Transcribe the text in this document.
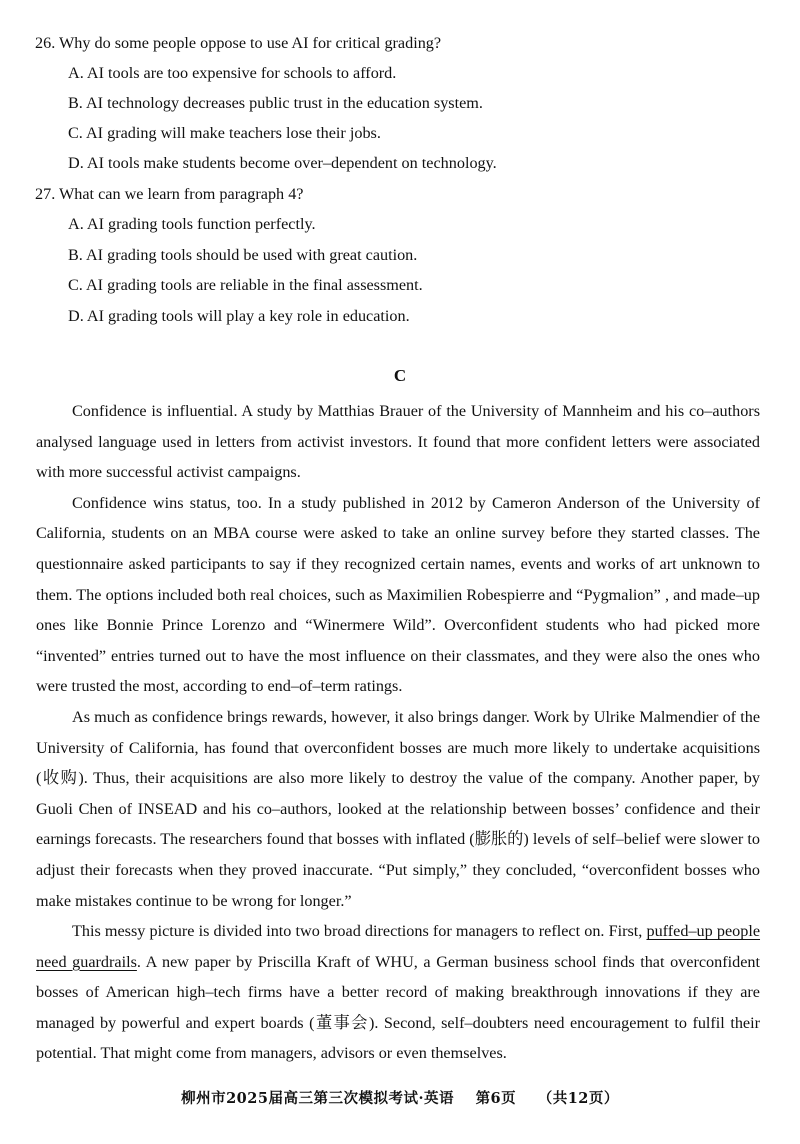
26. Why do some people oppose to use AI for critical grading?
A. AI tools are too expensive for schools to afford.
B. AI technology decreases public trust in the education system.
C. AI grading will make teachers lose their jobs.
D. AI tools make students become over–dependent on technology.
27. What can we learn from paragraph 4?
A. AI grading tools function perfectly.
B. AI grading tools should be used with great caution.
C. AI grading tools are reliable in the final assessment.
D. AI grading tools will play a key role in education.
C

Confidence is influential. A study by Matthias Brauer of the University of Mannheim and his co–authors analysed language used in letters from activist investors. It found that more confident letters were associated with more successful activist campaigns.

Confidence wins status, too. In a study published in 2012 by Cameron Anderson of the University of California, students on an MBA course were asked to take an online survey before they started classes. The questionnaire asked participants to say if they recognized certain names, events and works of art unknown to them. The options included both real choices, such as Maximilien Robespierre and “Pygmalion” , and made–up ones like Bonnie Prince Lorenzo and “Winermere Wild”. Overconfident students who had picked more “invented” entries turned out to have the most influence on their classmates, and they were also the ones who were trusted the most, according to end–of–term ratings.

As much as confidence brings rewards, however, it also brings danger. Work by Ulrike Malmendier of the University of California, has found that overconfident bosses are much more likely to undertake acquisitions (收购). Thus, their acquisitions are also more likely to destroy the value of the company. Another paper, by Guoli Chen of INSEAD and his co–authors, looked at the relationship between bosses’ confidence and their earnings forecasts. The researchers found that bosses with inflated (膨胀的) levels of self–belief were slower to adjust their forecasts when they proved inaccurate. “Put simply,” they concluded, “overconfident bosses who make mistakes continue to be wrong for longer.”

This messy picture is divided into two broad directions for managers to reflect on. First, puffed–up people need guardrails. A new paper by Priscilla Kraft of WHU, a German business school finds that overconfident bosses of American high–tech firms have a better record of making breakthrough innovations if they are managed by powerful and expert boards (董事会). Second, self–doubters need encouragement to fulfil their potential. That might come from managers, advisors or even themselves.

柳州市2025届高三第三次模拟考试·英语 第6页 （共12页）
